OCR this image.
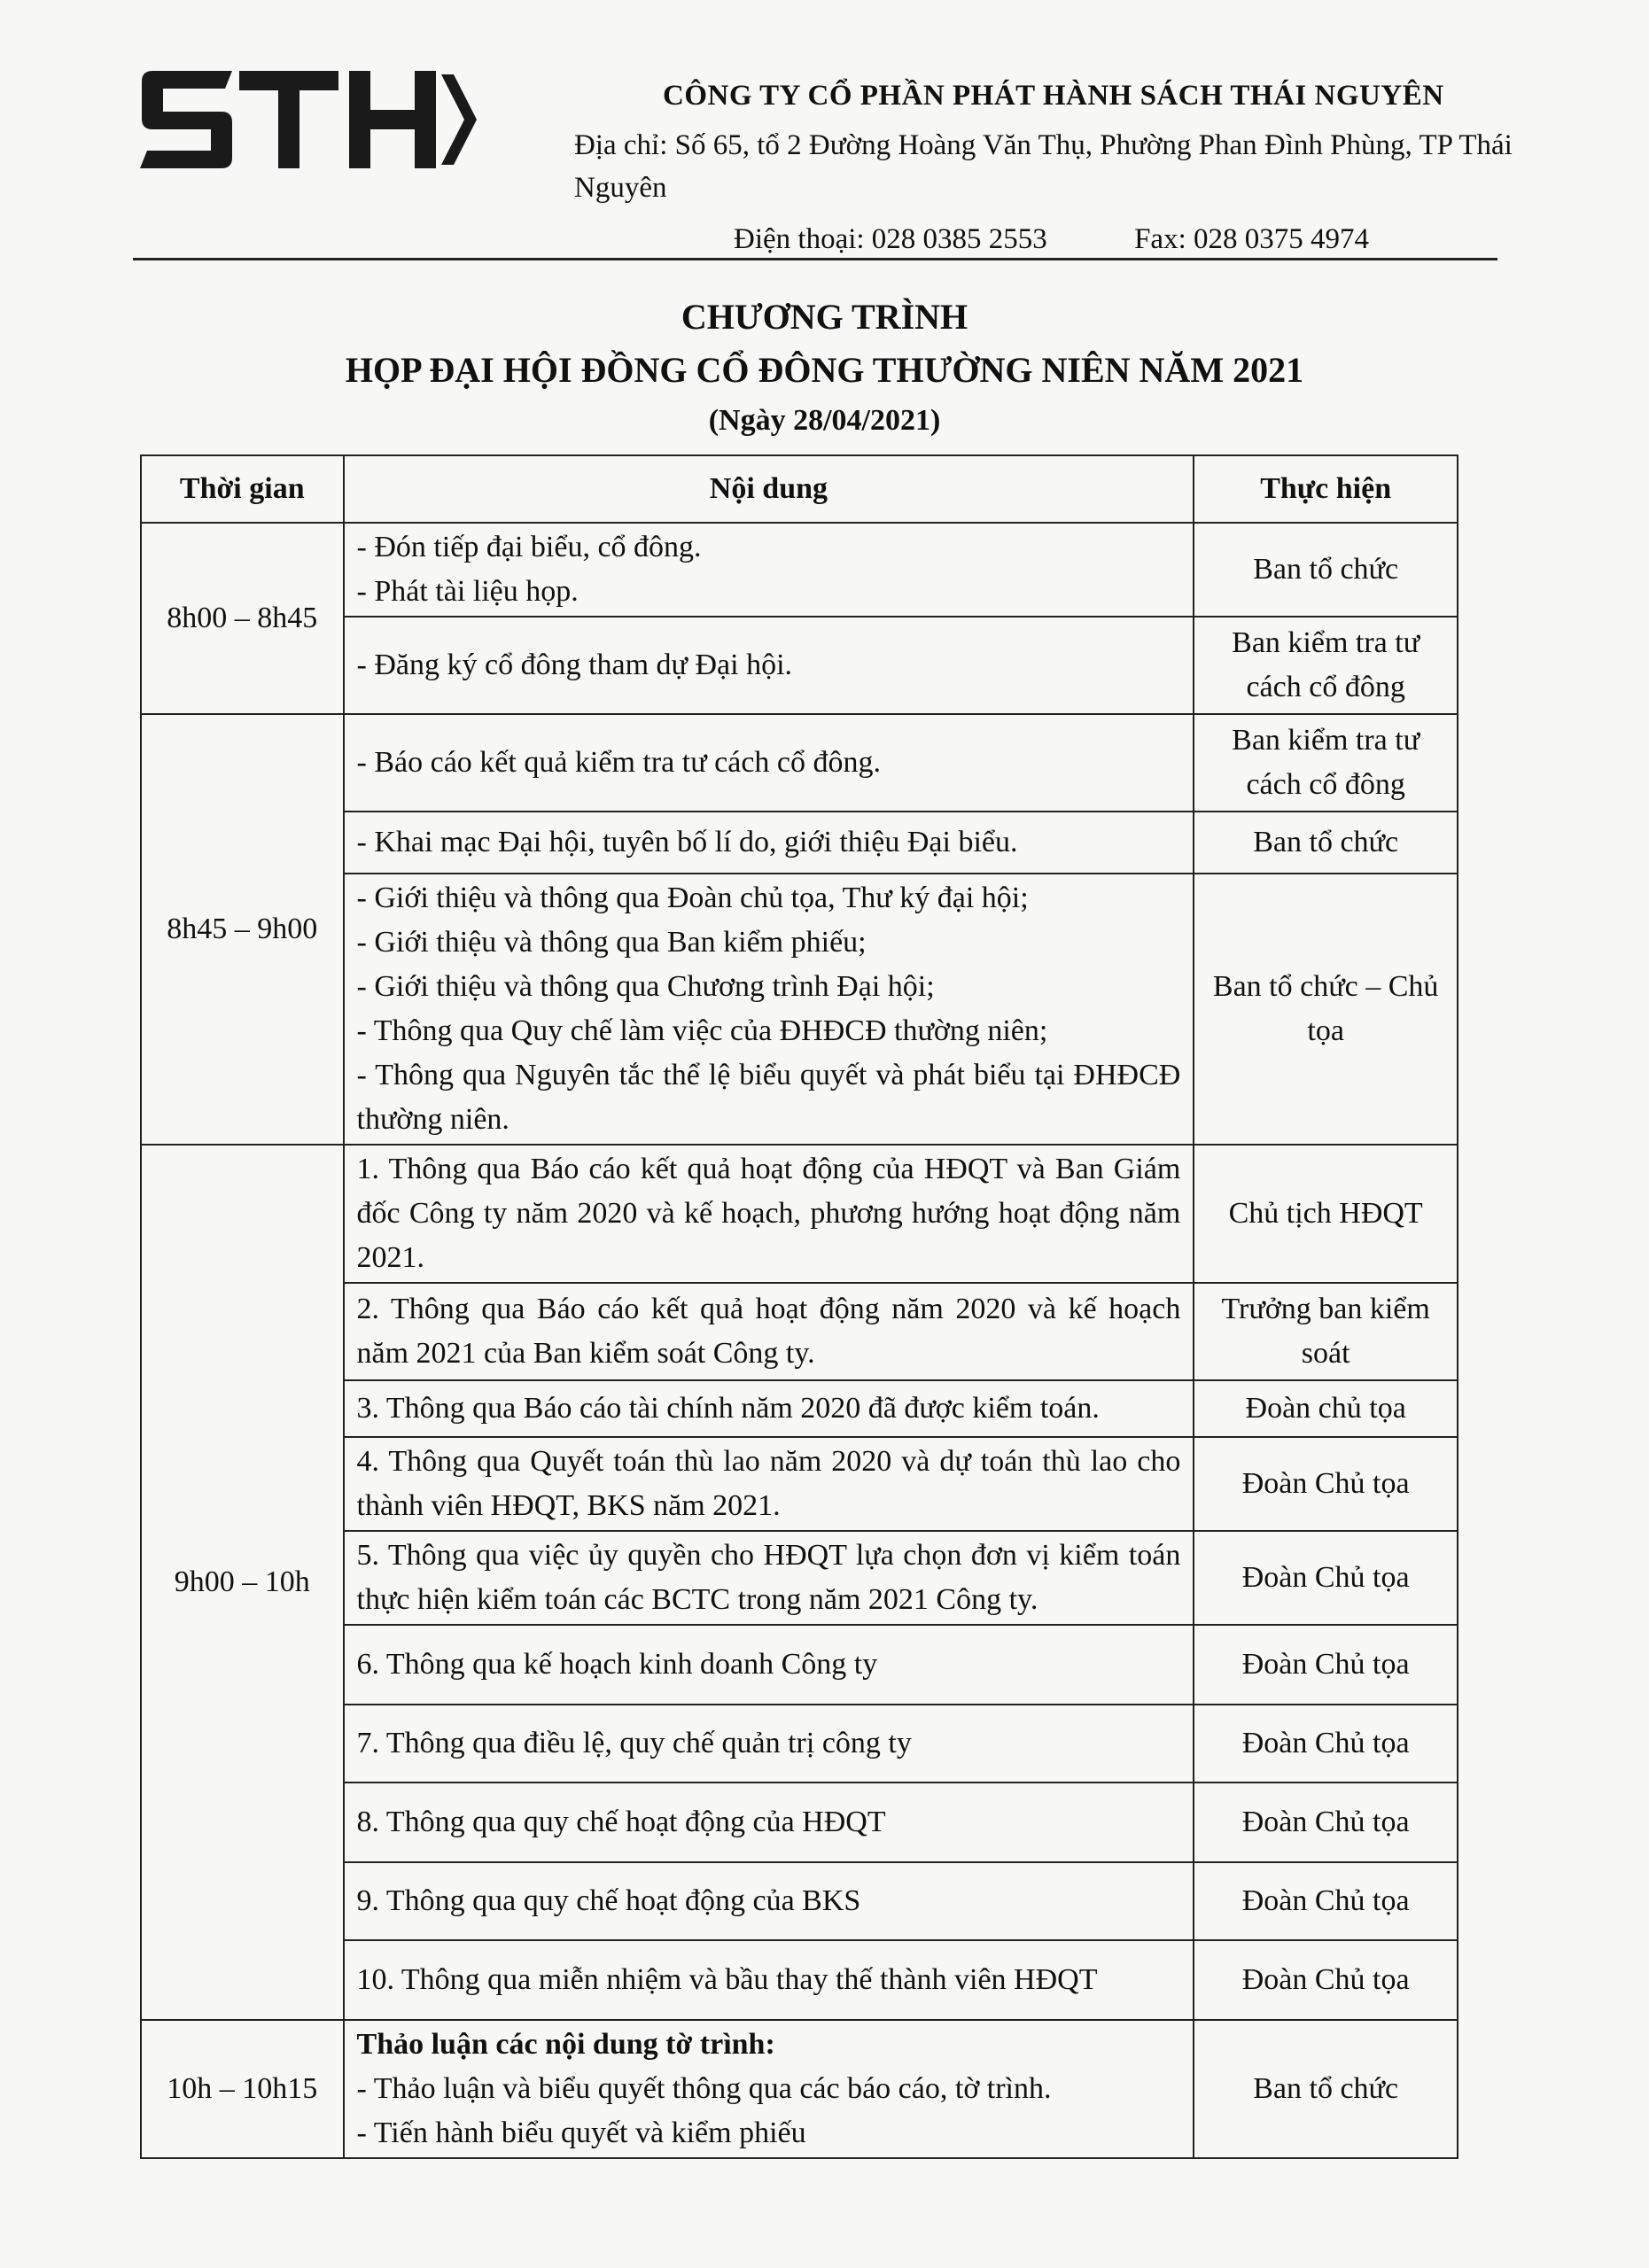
CÔNG TY CỔ PHẦN PHÁT HÀNH SÁCH THÁI NGUYÊN
Địa chỉ: Số 65, tổ 2 Đường Hoàng Văn Thụ, Phường Phan Đình Phùng, TP Thái Nguyên
Điện thoại: 028 0385 2553	Fax: 028 0375 4974
CHƯƠNG TRÌNH
HỌP ĐẠI HỘI ĐỒNG CỔ ĐÔNG THƯỜNG NIÊN NĂM 2021
(Ngày 28/04/2021)
Thời gian	Nội dung	Thực hiện
8h00 – 8h45	- Đón tiếp đại biểu, cổ đông.
- Phát tài liệu họp.	Ban tổ chức

	- Đăng ký cổ đông tham dự Đại hội.	Ban kiểm tra tư cách cổ đông
8h45 – 9h00	- Báo cáo kết quả kiểm tra tư cách cổ đông.	Ban kiểm tra tư cách cổ đông

	- Khai mạc Đại hội, tuyên bố lí do, giới thiệu Đại biểu.	Ban tổ chức

	- Giới thiệu và thông qua Đoàn chủ tọa, Thư ký đại hội;
- Giới thiệu và thông qua Ban kiểm phiếu;
- Giới thiệu và thông qua Chương trình Đại hội;
- Thông qua Quy chế làm việc của ĐHĐCĐ thường niên;
- Thông qua Nguyên tắc thể lệ biểu quyết và phát biểu tại ĐHĐCĐ thường niên.	Ban tổ chức – Chủ tọa
9h00 – 10h	1. Thông qua Báo cáo kết quả hoạt động của HĐQT và Ban Giám đốc Công ty năm 2020 và kế hoạch, phương hướng hoạt động năm 2021.	Chủ tịch HĐQT
	2. Thông qua Báo cáo kết quả hoạt động năm 2020 và kế hoạch năm 2021 của Ban kiểm soát Công ty.	Trưởng ban kiểm soát
	3. Thông qua Báo cáo tài chính năm 2020 đã được kiểm toán.	Đoàn chủ tọa
	4. Thông qua Quyết toán thù lao năm 2020 và dự toán thù lao cho thành viên HĐQT, BKS năm 2021.	Đoàn Chủ tọa
	5. Thông qua việc ủy quyền cho HĐQT lựa chọn đơn vị kiểm toán thực hiện kiểm toán các BCTC trong năm 2021 Công ty.	Đoàn Chủ tọa
	6. Thông qua kế hoạch kinh doanh Công ty	Đoàn Chủ tọa
	7. Thông qua điều lệ, quy chế quản trị công ty	Đoàn Chủ tọa
	8. Thông qua quy chế hoạt động của HĐQT	Đoàn Chủ tọa
	9. Thông qua quy chế hoạt động của BKS	Đoàn Chủ tọa
	10. Thông qua miễn nhiệm và bầu thay thế thành viên HĐQT	Đoàn Chủ tọa
10h – 10h15	Thảo luận các nội dung tờ trình:
- Thảo luận và biểu quyết thông qua các báo cáo, tờ trình.
- Tiến hành biểu quyết và kiểm phiếu	Ban tổ chức
